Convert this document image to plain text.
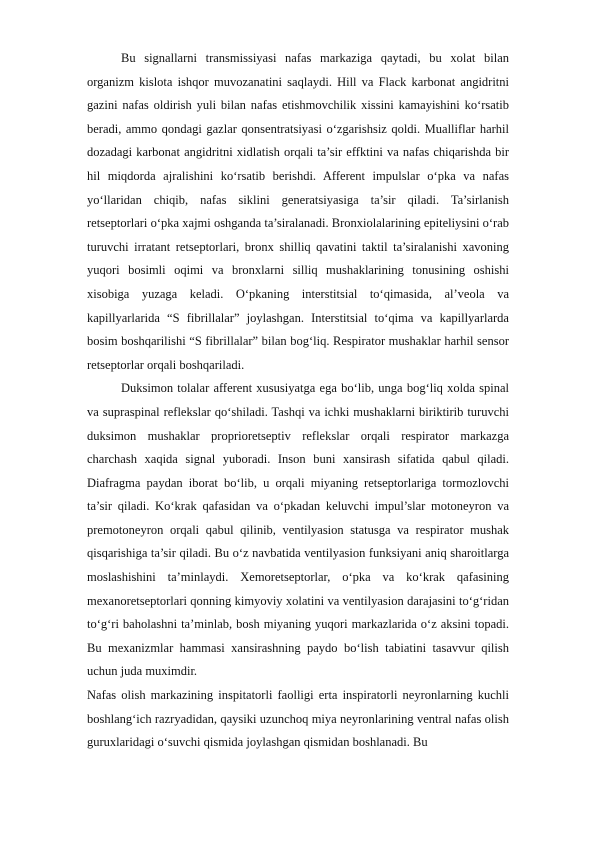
Bu signallarni transmissiyasi nafas markaziga qaytadi, bu xolat bilan organizm kislota ishqor muvozanatini saqlaydi. Hill va Flack karbonat angidritni gazini nafas oldirish yuli bilan nafas etishmovchilik xissini kamayishini ko‘rsatib beradi, ammo qondagi gazlar qonsentratsiyasi o‘zgarishsiz qoldi. Mualliflar harhil dozadagi karbonat angidritni xidlatish orqali ta’sir effktini va nafas chiqarishda bir hil miqdorda ajralishini ko‘rsatib berishdi. Afferent impulslar o‘pka va nafas yo‘llaridan chiqib, nafas siklini generatsiyasiga ta’sir qiladi. Ta’sirlanish retseptorlari o‘pka xajmi oshganda ta’siralanadi. Bronxiolalarining epiteliysini o‘rab turuvchi irratant retseptorlari, bronx shilliq qavatini taktil ta’siralanishi xavoning yuqori bosimli oqimi va bronxlarni silliq mushaklarining tonusining oshishi xisobiga yuzaga keladi. O‘pkaning interstitsial to‘qimasida, al’veola va kapillyarlarida “S fibrillalar” joylashgan. Interstitsial to‘qima va kapillyarlarda bosim boshqarilishi “S fibrillalar” bilan bog‘liq. Respirator mushaklar harhil sensor retseptorlar orqali boshqariladi.

Duksimon tolalar afferent xususiyatga ega bo‘lib, unga bog‘liq xolda spinal va supraspinal reflekslar qo‘shiladi. Tashqi va ichki mushaklarni biriktirib turuvchi duksimon mushaklar proprioretseptiv reflekslar orqali respirator markazga charchash xaqida signal yuboradi. Inson buni xansirash sifatida qabul qiladi. Diafragma paydan iborat bo‘lib, u orqali miyaning retseptorlariga tormozlovchi ta’sir qiladi. Ko‘krak qafasidan va o‘pkadan keluvchi impul’slar motoneyron va premotoneyron orqali qabul qilinib, ventilyasion statusga va respirator mushak qisqarishiga ta’sir qiladi. Bu o‘z navbatida ventilyasion funksiyani aniq sharoitlarga moslashishini ta’minlaydi. Xemoretseptorlar, o‘pka va ko‘krak qafasining mexanoretseptorlari qonning kimyoviy xolatini va ventilyasion darajasini to‘g‘ridan to‘g‘ri baholashni ta’minlab, bosh miyaning yuqori markazlarida o‘z aksini topadi. Bu mexanizmlar hammasi xansirashning paydo bo‘lish tabiatini tasavvur qilish uchun juda muximdir.

Nafas olish markazining inspitatorli faolligi erta inspiratorli neyronlarning kuchli boshlang‘ich razryadidan, qaysiki uzunchoq miya neyronlarining ventral nafas olish guruxlaridagi o‘suvchi qismida joylashgan qismidan boshlanadi. Bu
